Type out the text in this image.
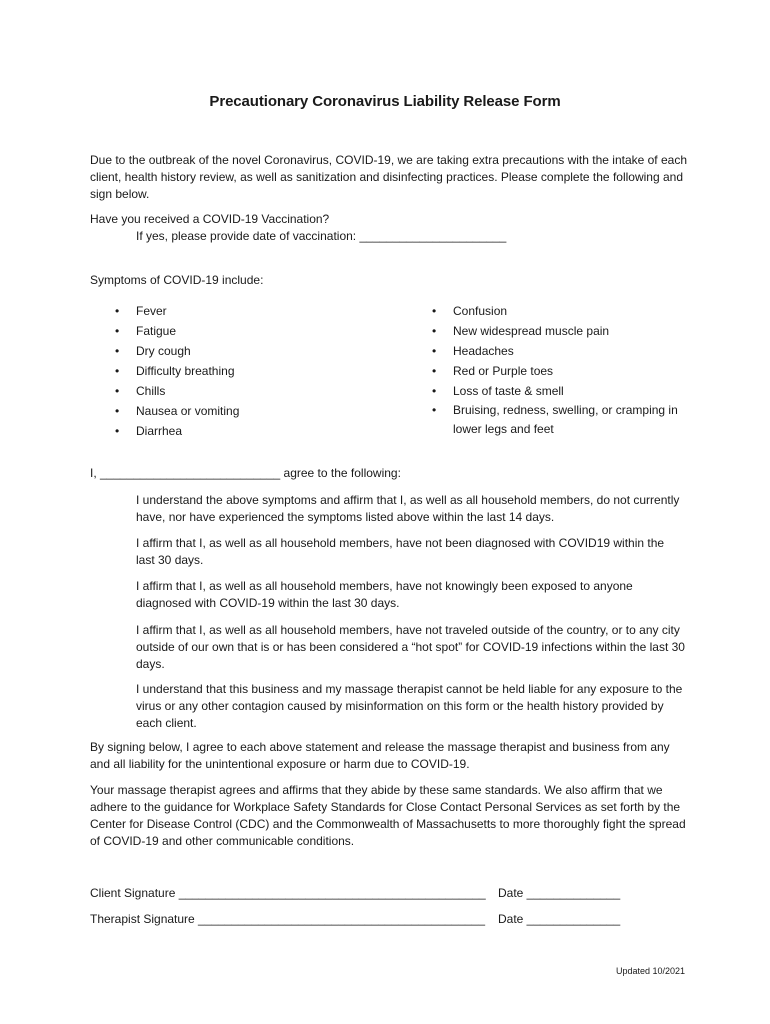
Precautionary Coronavirus Liability Release Form
Due to the outbreak of the novel Coronavirus, COVID-19, we are taking extra precautions with the intake of each client, health history review, as well as sanitization and disinfecting practices. Please complete the following and sign below.
Have you received a COVID-19 Vaccination?
If yes, please provide date of vaccination: ______________________
Symptoms of COVID-19 include:
• Fever
• Fatigue
• Dry cough
• Difficulty breathing
• Chills
• Nausea or vomiting
• Diarrhea
• Confusion
• New widespread muscle pain
• Headaches
• Red or Purple toes
• Loss of taste & smell
• Bruising, redness, swelling, or cramping in
lower legs and feet
I, ___________________________ agree to the following:
I understand the above symptoms and affirm that I, as well as all household members, do not currently have, nor have experienced the symptoms listed above within the last 14 days.
I affirm that I, as well as all household members, have not been diagnosed with COVID19 within the last 30 days.
I affirm that I, as well as all household members, have not knowingly been exposed to anyone diagnosed with COVID-19 within the last 30 days.
I affirm that I, as well as all household members, have not traveled outside of the country, or to any city outside of our own that is or has been considered a “hot spot” for COVID-19 infections within the last 30 days.
I understand that this business and my massage therapist cannot be held liable for any exposure to the virus or any other contagion caused by misinformation on this form or the health history provided by each client.
By signing below, I agree to each above statement and release the massage therapist and business from any and all liability for the unintentional exposure or harm due to COVID-19.
Your massage therapist agrees and affirms that they abide by these same standards. We also affirm that we adhere to the guidance for Workplace Safety Standards for Close Contact Personal Services as set forth by the Center for Disease Control (CDC) and the Commonwealth of Massachusetts to more thoroughly fight the spread of COVID-19 and other communicable conditions.
Client Signature ______________________________________________ Date ______________
Therapist Signature ___________________________________________ Date ______________
Updated 10/2021
